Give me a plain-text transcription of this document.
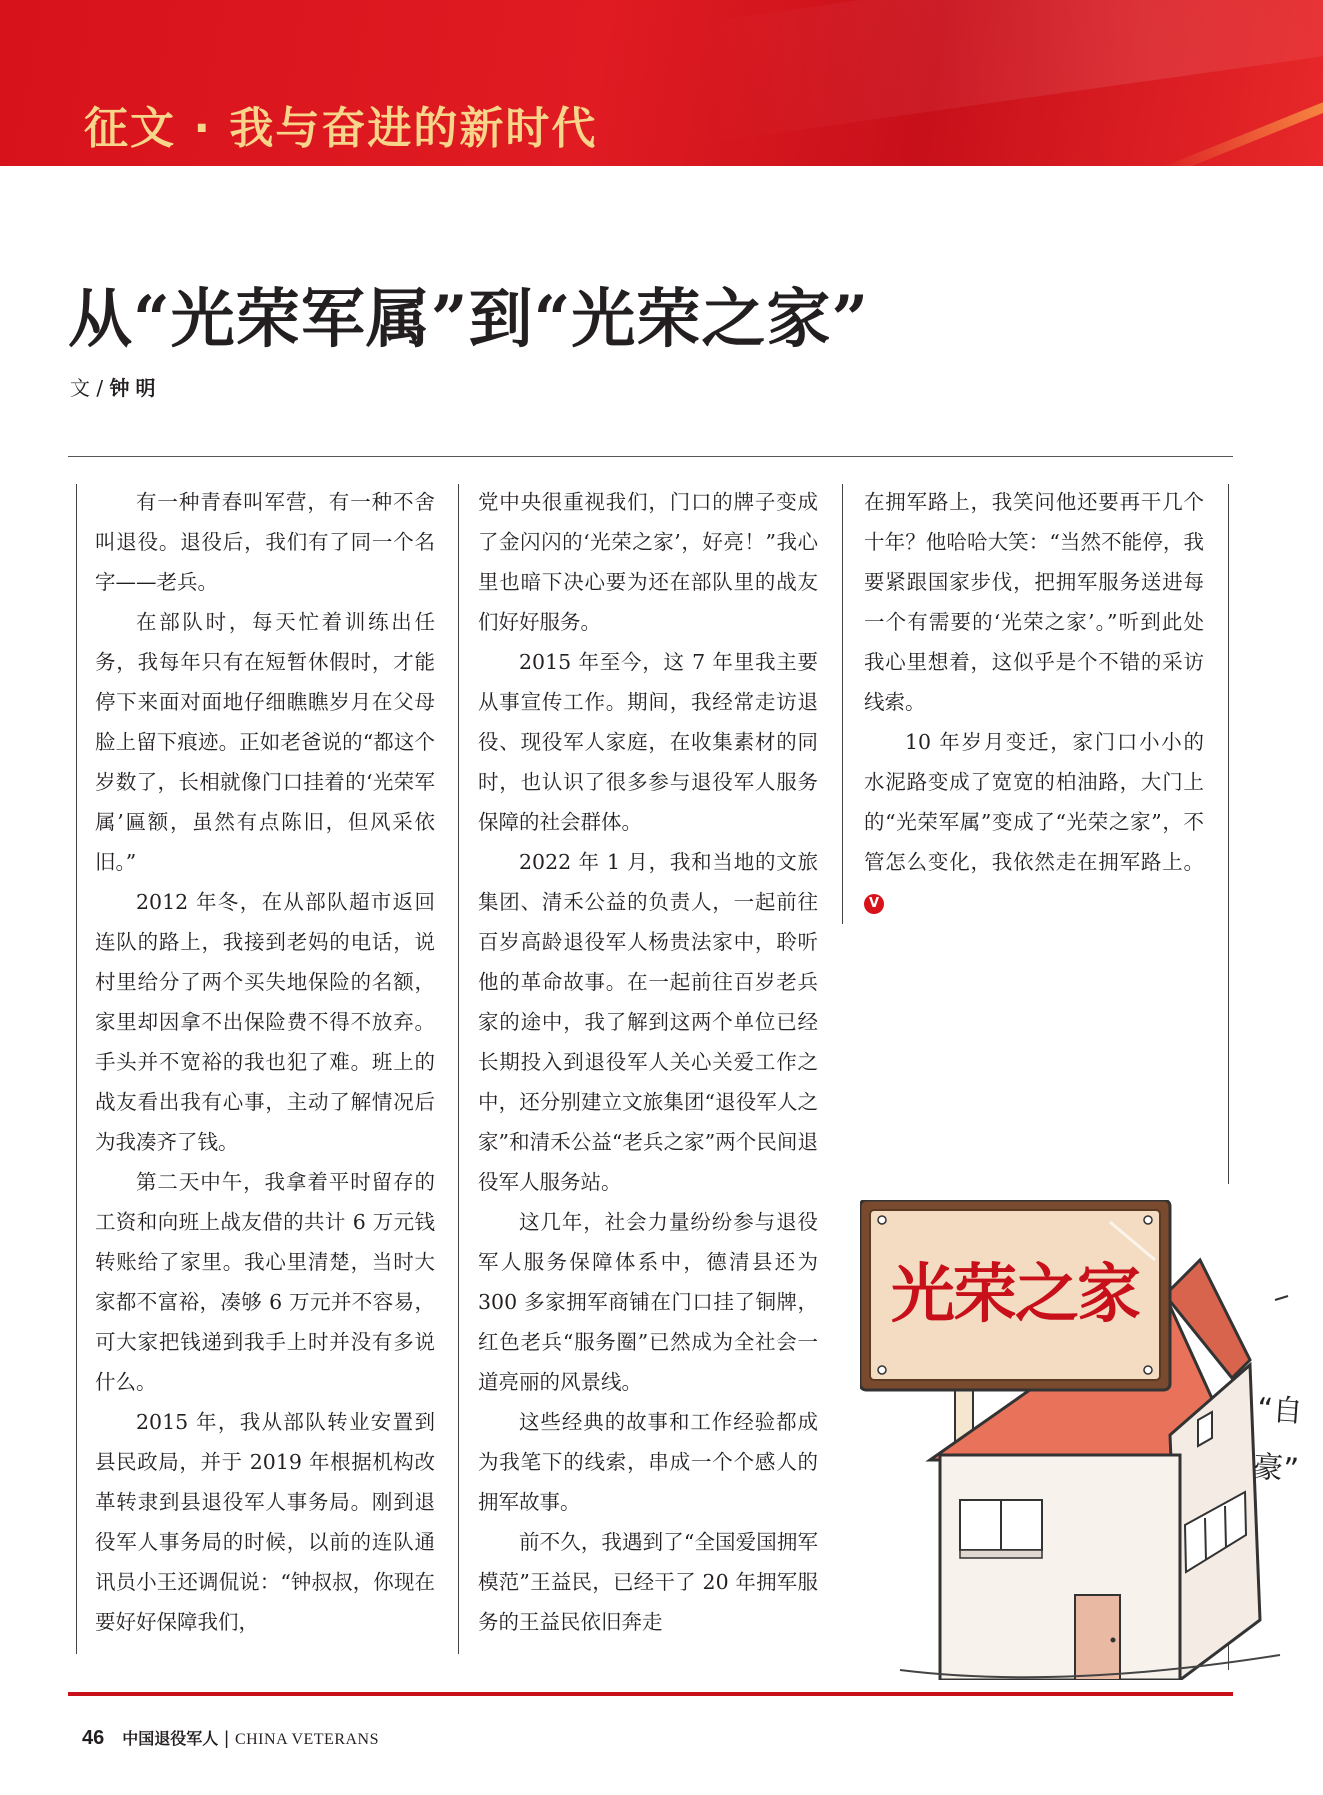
征文 · 我与奋进的新时代
从“光荣军属”到“光荣之家”
文 / 钟明

有一种青春叫军营，有一种不舍叫退役。退役后，我们有了同一个名字——老兵。

在部队时，每天忙着训练出任务，我每年只有在短暂休假时，才能停下来面对面地仔细瞧瞧岁月在父母脸上留下痕迹。正如老爸说的“都这个岁数了，长相就像门口挂着的‘光荣军属’匾额，虽然有点陈旧，但风采依旧。”

2012 年冬，在从部队超市返回连队的路上，我接到老妈的电话，说村里给分了两个买失地保险的名额，家里却因拿不出保险费不得不放弃。手头并不宽裕的我也犯了难。班上的战友看出我有心事，主动了解情况后为我凑齐了钱。

第二天中午，我拿着平时留存的工资和向班上战友借的共计 6 万元钱转账给了家里。我心里清楚，当时大家都不富裕，凑够 6 万元并不容易，可大家把钱递到我手上时并没有多说什么。

2015 年，我从部队转业安置到县民政局，并于 2019 年根据机构改革转隶到县退役军人事务局。刚到退役军人事务局的时候，以前的连队通讯员小王还调侃说：“钟叔叔，你现在要好好保障我们，

党中央很重视我们，门口的牌子变成了金闪闪的‘光荣之家’，好亮！”我心里也暗下决心要为还在部队里的战友们好好服务。

2015 年至今，这 7 年里我主要从事宣传工作。期间，我经常走访退役、现役军人家庭，在收集素材的同时，也认识了很多参与退役军人服务保障的社会群体。

2022 年 1 月，我和当地的文旅集团、清禾公益的负责人，一起前往百岁高龄退役军人杨贵法家中，聆听他的革命故事。在一起前往百岁老兵家的途中，我了解到这两个单位已经长期投入到退役军人关心关爱工作之中，还分别建立文旅集团“退役军人之家”和清禾公益“老兵之家”两个民间退役军人服务站。

这几年，社会力量纷纷参与退役军人服务保障体系中，德清县还为 300 多家拥军商铺在门口挂了铜牌，红色老兵“服务圈”已然成为全社会一道亮丽的风景线。

这些经典的故事和工作经验都成为我笔下的线索，串成一个个感人的拥军故事。

前不久，我遇到了“全国爱国拥军模范”王益民，已经干了 20 年拥军服务的王益民依旧奔走

在拥军路上，我笑问他还要再干几个十年？他哈哈大笑：“当然不能停，我要紧跟国家步伐，把拥军服务送进每一个有需要的‘光荣之家’。”听到此处我心里想着，这似乎是个不错的采访线索。

10 年岁月变迁，家门口小小的水泥路变成了宽宽的柏油路，大门上的“光荣军属”变成了“光荣之家”，不管怎么变化，我依然走在拥军路上。 V

光荣之家
“自豪”
46 中国退役军人 | CHINA VETERANS
